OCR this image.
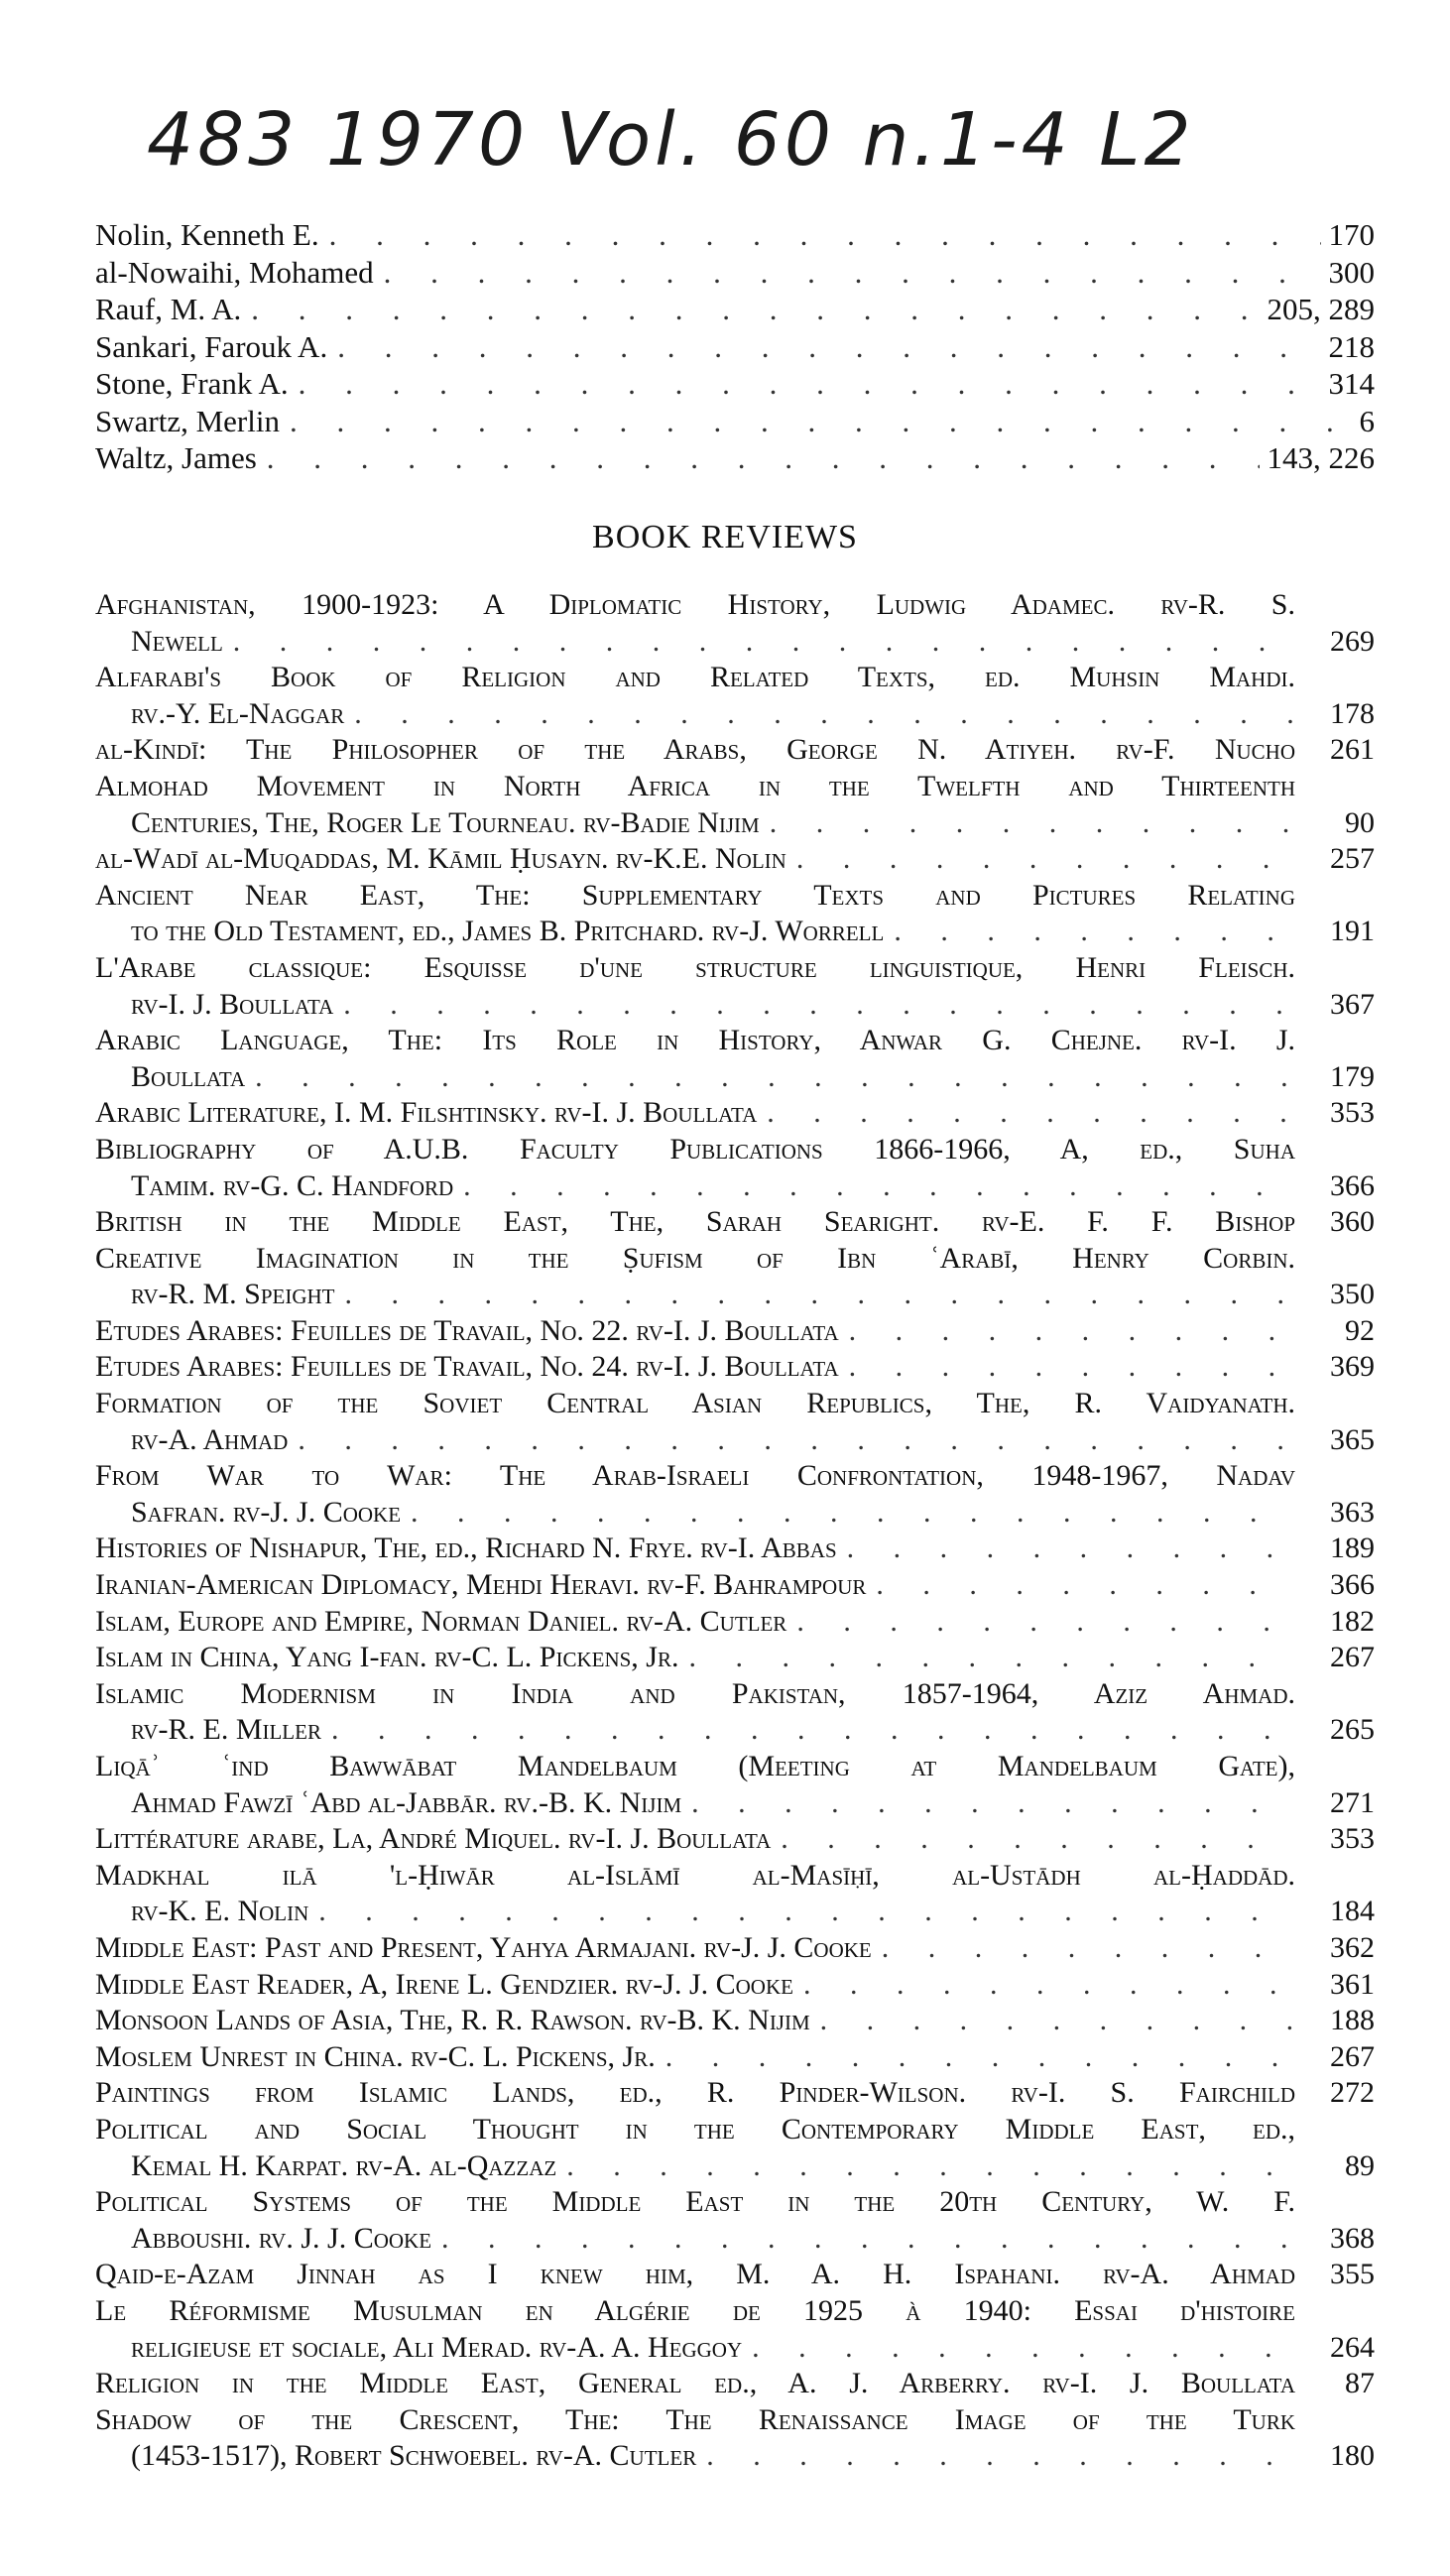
483 1970 Vol. 60 n.1-4 L2
Nolin, Kenneth E. . . .	170
al-Nowaihi, Mohamed . . .	300
Rauf, M. A. . . .	205, 289
Sankari, Farouk A. . . .	218
Stone, Frank A. . . .	314
Swartz, Merlin . . .	6
Waltz, James . . .	143, 226
BOOK REVIEWS
Afghanistan, 1900-1923: A Diplomatic History, Ludwig Adamec. rv-R. S.
Newell . . .	269
Alfarabi's Book of Religion and Related Texts, ed. Muhsin Mahdi.
rv.-Y. El-Naggar . . .	178
al-Kindī: The Philosopher of the Arabs, George N. Atiyeh. rv-F. Nucho	261
Almohad Movement in North Africa in the Twelfth and Thirteenth
Centuries, The, Roger Le Tourneau. rv-Badie Nijim . . .	90
al-Wadī al-Muqaddas, M. Kāmil Ḥusayn. rv-K.E. Nolin . . .	257
Ancient Near East, The: Supplementary Texts and Pictures Relating
to the Old Testament, ed., James B. Pritchard. rv-J. Worrell . . .	191
L'Arabe classique: Esquisse d'une structure linguistique, Henri Fleisch.
rv-I. J. Boullata . . .	367
Arabic Language, The: Its Role in History, Anwar G. Chejne. rv-I. J.
Boullata . . .	179
Arabic Literature, I. M. Filshtinsky. rv-I. J. Boullata . . .	353
Bibliography of A.U.B. Faculty Publications 1866-1966, A, ed., Suha
Tamim. rv-G. C. Handford . . .	366
British in the Middle East, The, Sarah Searight. rv-E. F. F. Bishop	360
Creative Imagination in the Ṣufism of Ibn ʿArabī, Henry Corbin.
rv-R. M. Speight . . .	350
Etudes Arabes: Feuilles de Travail, No. 22. rv-I. J. Boullata . . .	92
Etudes Arabes: Feuilles de Travail, No. 24. rv-I. J. Boullata . . .	369
Formation of the Soviet Central Asian Republics, The, R. Vaidyanath.
rv-A. Ahmad . . .	365
From War to War: The Arab-Israeli Confrontation, 1948-1967, Nadav
Safran. rv-J. J. Cooke . . .	363
Histories of Nishapur, The, ed., Richard N. Frye. rv-I. Abbas . . .	189
Iranian-American Diplomacy, Mehdi Heravi. rv-F. Bahrampour . . .	366
Islam, Europe and Empire, Norman Daniel. rv-A. Cutler . . .	182
Islam in China, Yang I-fan. rv-C. L. Pickens, Jr. . . .	267
Islamic Modernism in India and Pakistan, 1857-1964, Aziz Ahmad.
rv-R. E. Miller . . .	265
Liqāʾ ʿind Bawwābat Mandelbaum (Meeting at Mandelbaum Gate),
Ahmad Fawzī ʿAbd al-Jabbār. rv.-B. K. Nijim . . .	271
Littérature arabe, La, André Miquel. rv-I. J. Boullata . . .	353
Madkhal ilā 'l-Ḥiwār al-Islāmī al-Masīḥī, al-Ustādh al-Ḥaddād.
rv-K. E. Nolin . . .	184
Middle East: Past and Present, Yahya Armajani. rv-J. J. Cooke . . .	362
Middle East Reader, A, Irene L. Gendzier. rv-J. J. Cooke . . .	361
Monsoon Lands of Asia, The, R. R. Rawson. rv-B. K. Nijim . . .	188
Moslem Unrest in China. rv-C. L. Pickens, Jr. . . .	267
Paintings from Islamic Lands, ed., R. Pinder-Wilson. rv-I. S. Fairchild	272
Political and Social Thought in the Contemporary Middle East, ed.,
Kemal H. Karpat. rv-A. al-Qazzaz . . .	89
Political Systems of the Middle East in the 20th Century, W. F.
Abboushi. rv. J. J. Cooke . . .	368
Qaid-e-Azam Jinnah as I knew him, M. A. H. Ispahani. rv-A. Ahmad	355
Le Réformisme Musulman en Algérie de 1925 à 1940: Essai d'histoire
religieuse et sociale, Ali Merad. rv-A. A. Heggoy . . .	264
Religion in the Middle East, General ed., A. J. Arberry. rv-I. J. Boullata	87
Shadow of the Crescent, The: The Renaissance Image of the Turk
(1453-1517), Robert Schwoebel. rv-A. Cutler . . .	180
